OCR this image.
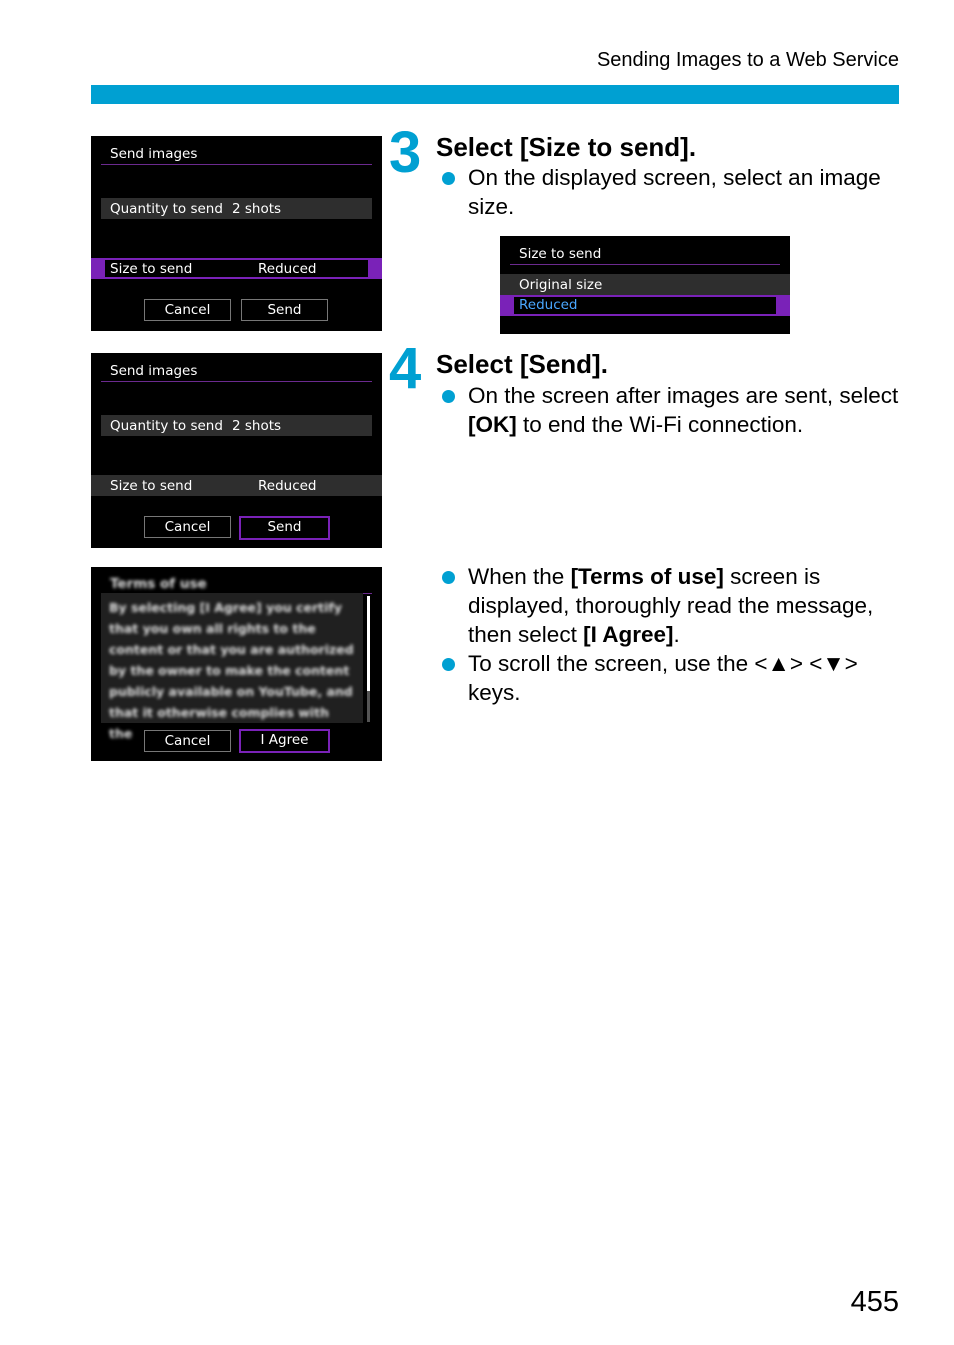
Sending Images to a Web Service
Send images
Quantity to send 2 shots
Size to send	Reduced
Cancel	Send
3 Select [Size to send].
On the displayed screen, select an image size.
Size to send
Original size
Reduced
Send images
Quantity to send 2 shots
Size to send	Reduced
Cancel	Send
4 Select [Send].
On the screen after images are sent, select [OK] to end the Wi-Fi connection.
Terms of use

By selecting [I Agree] you certify that you own all rights to the content or that you are authorized by the owner to make the content publicly available on YouTube, and that it otherwise complies with the	Cancel	I Agree
When the [Terms of use] screen is displayed, thoroughly read the message, then select [I Agree].
To scroll the screen, use the <▲> <▼> keys.
455
